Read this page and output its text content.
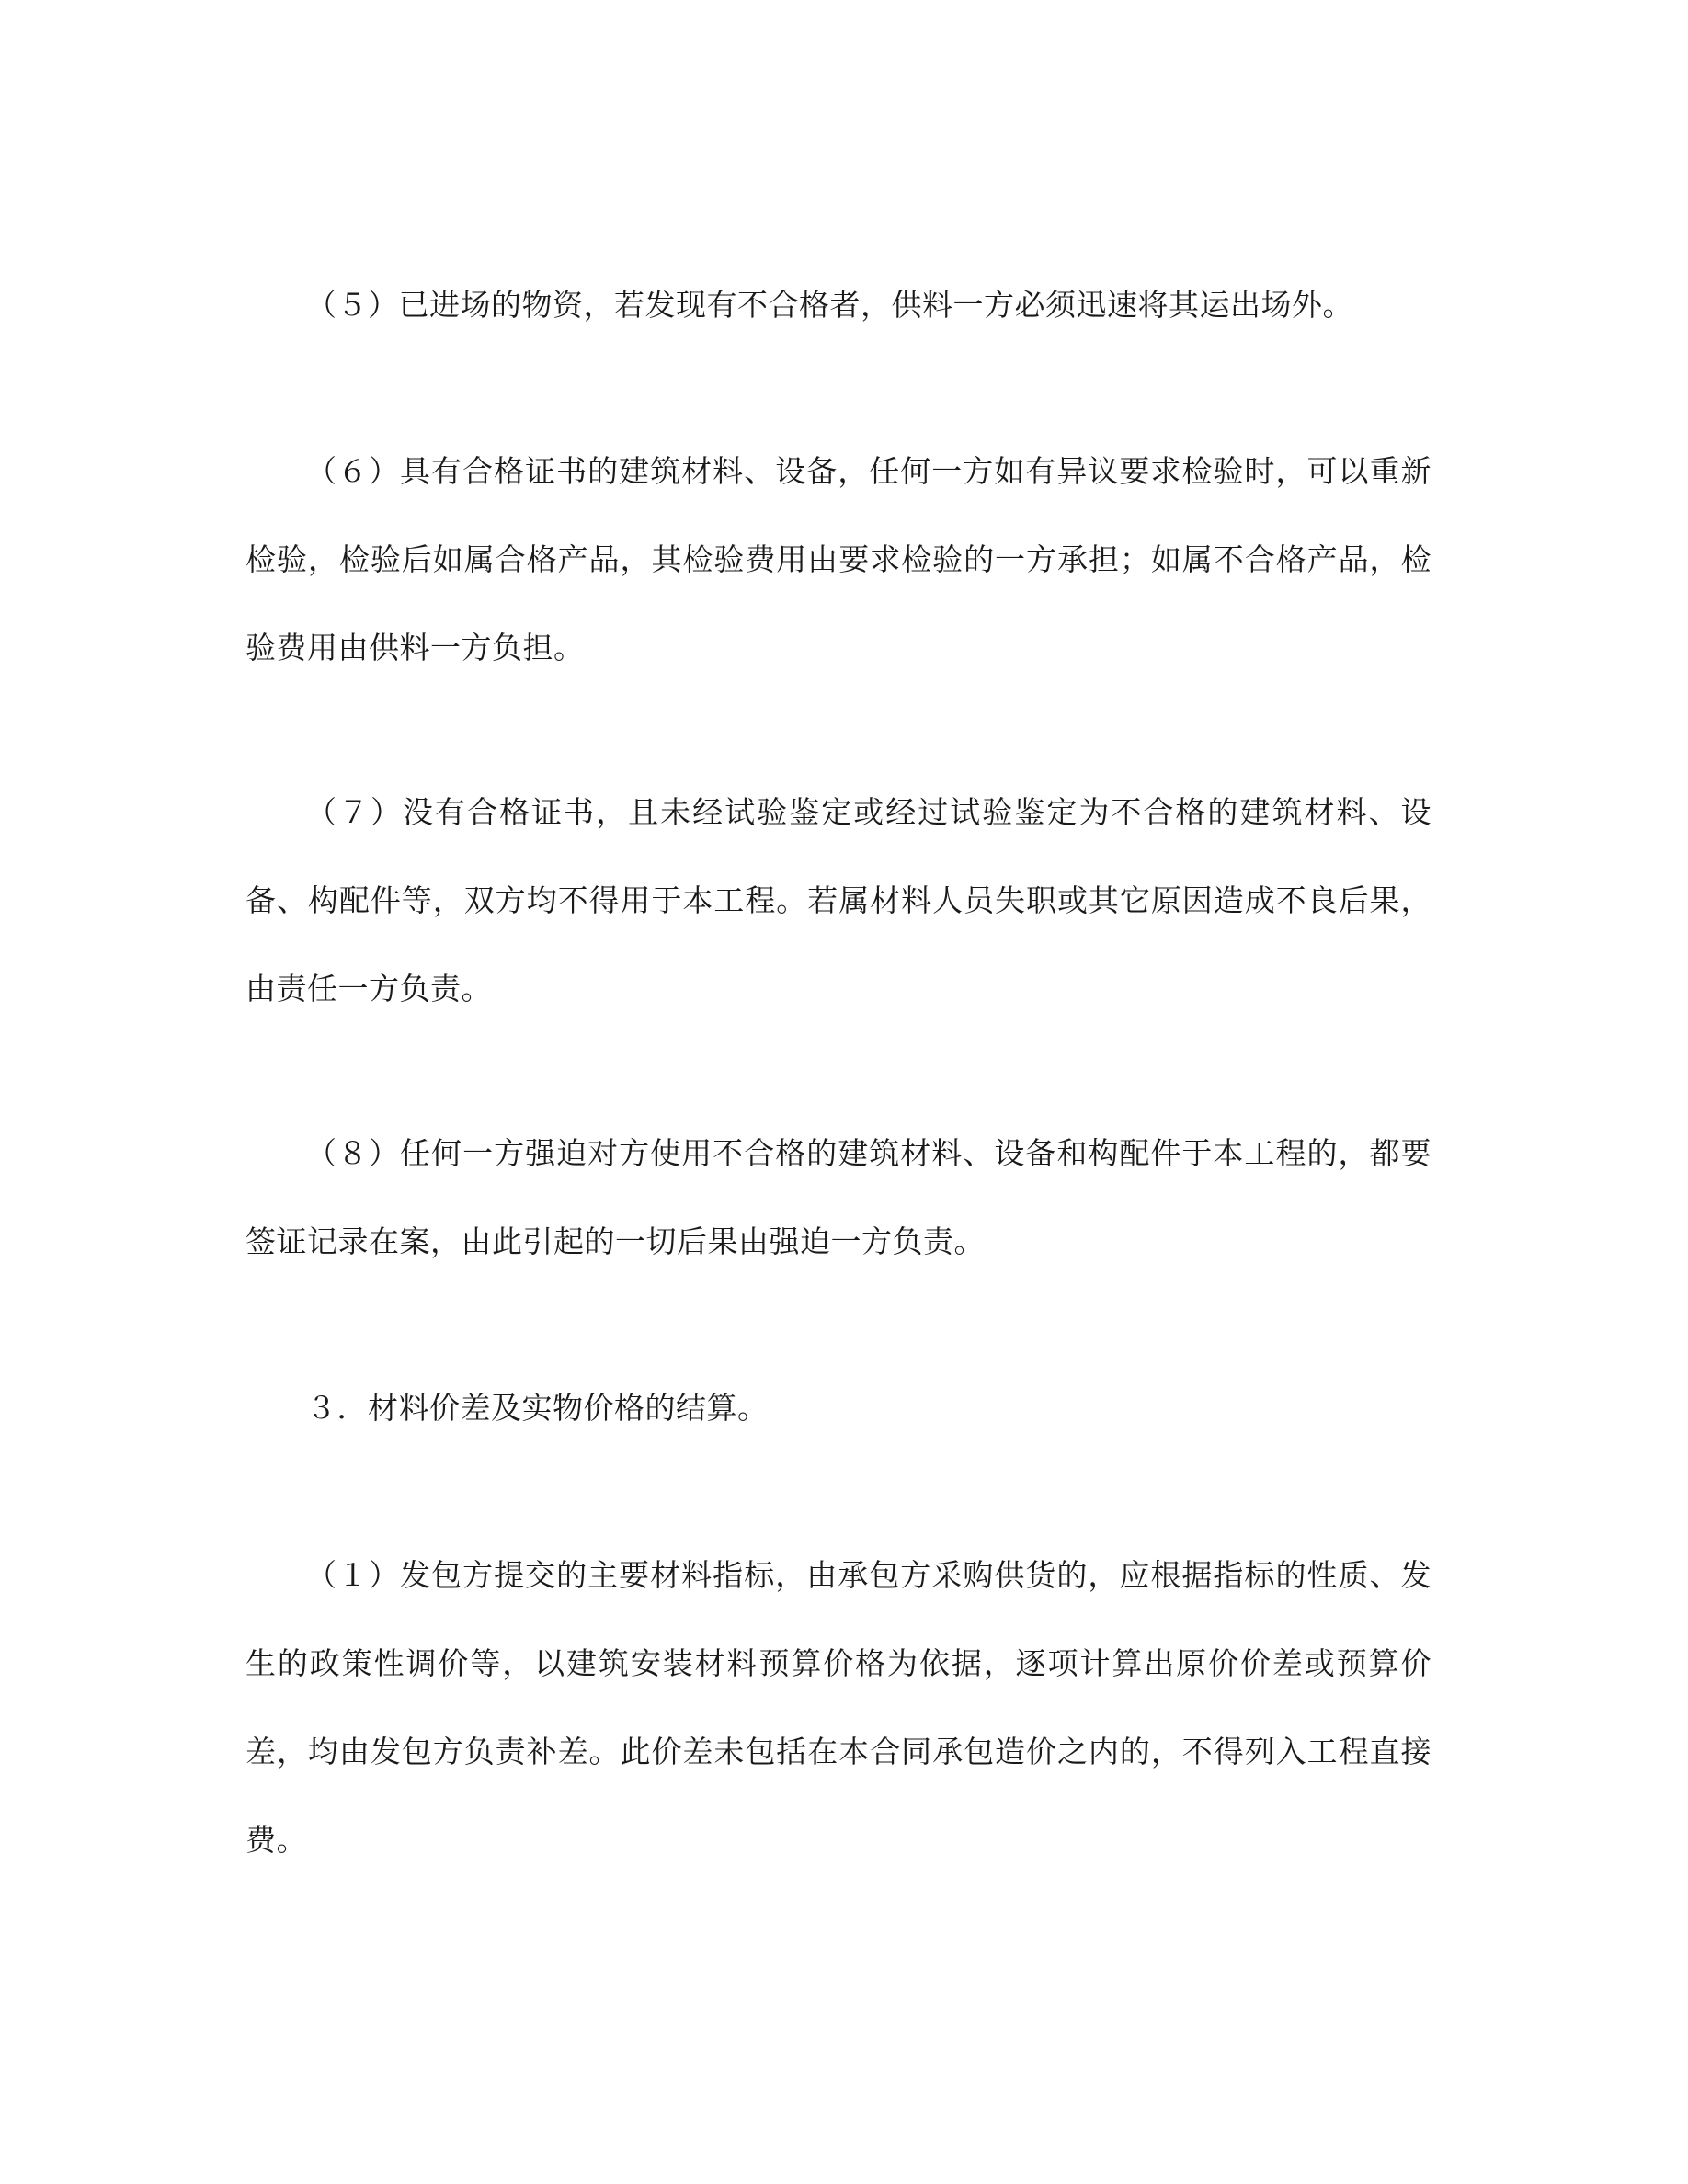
（５）已进场的物资，若发现有不合格者，供料一方必须迅速将其运出场外。

（６）具有合格证书的建筑材料、设备，任何一方如有异议要求检验时，可以重新检验，检验后如属合格产品，其检验费用由要求检验的一方承担；如属不合格产品，检验费用由供料一方负担。

（７）没有合格证书，且未经试验鉴定或经过试验鉴定为不合格的建筑材料、设备、构配件等，双方均不得用于本工程。若属材料人员失职或其它原因造成不良后果，由责任一方负责。

（８）任何一方强迫对方使用不合格的建筑材料、设备和构配件于本工程的，都要签证记录在案，由此引起的一切后果由强迫一方负责。

３．材料价差及实物价格的结算。

（１）发包方提交的主要材料指标，由承包方采购供货的，应根据指标的性质、发生的政策性调价等，以建筑安装材料预算价格为依据，逐项计算出原价价差或预算价差，均由发包方负责补差。此价差未包括在本合同承包造价之内的，不得列入工程直接费。
